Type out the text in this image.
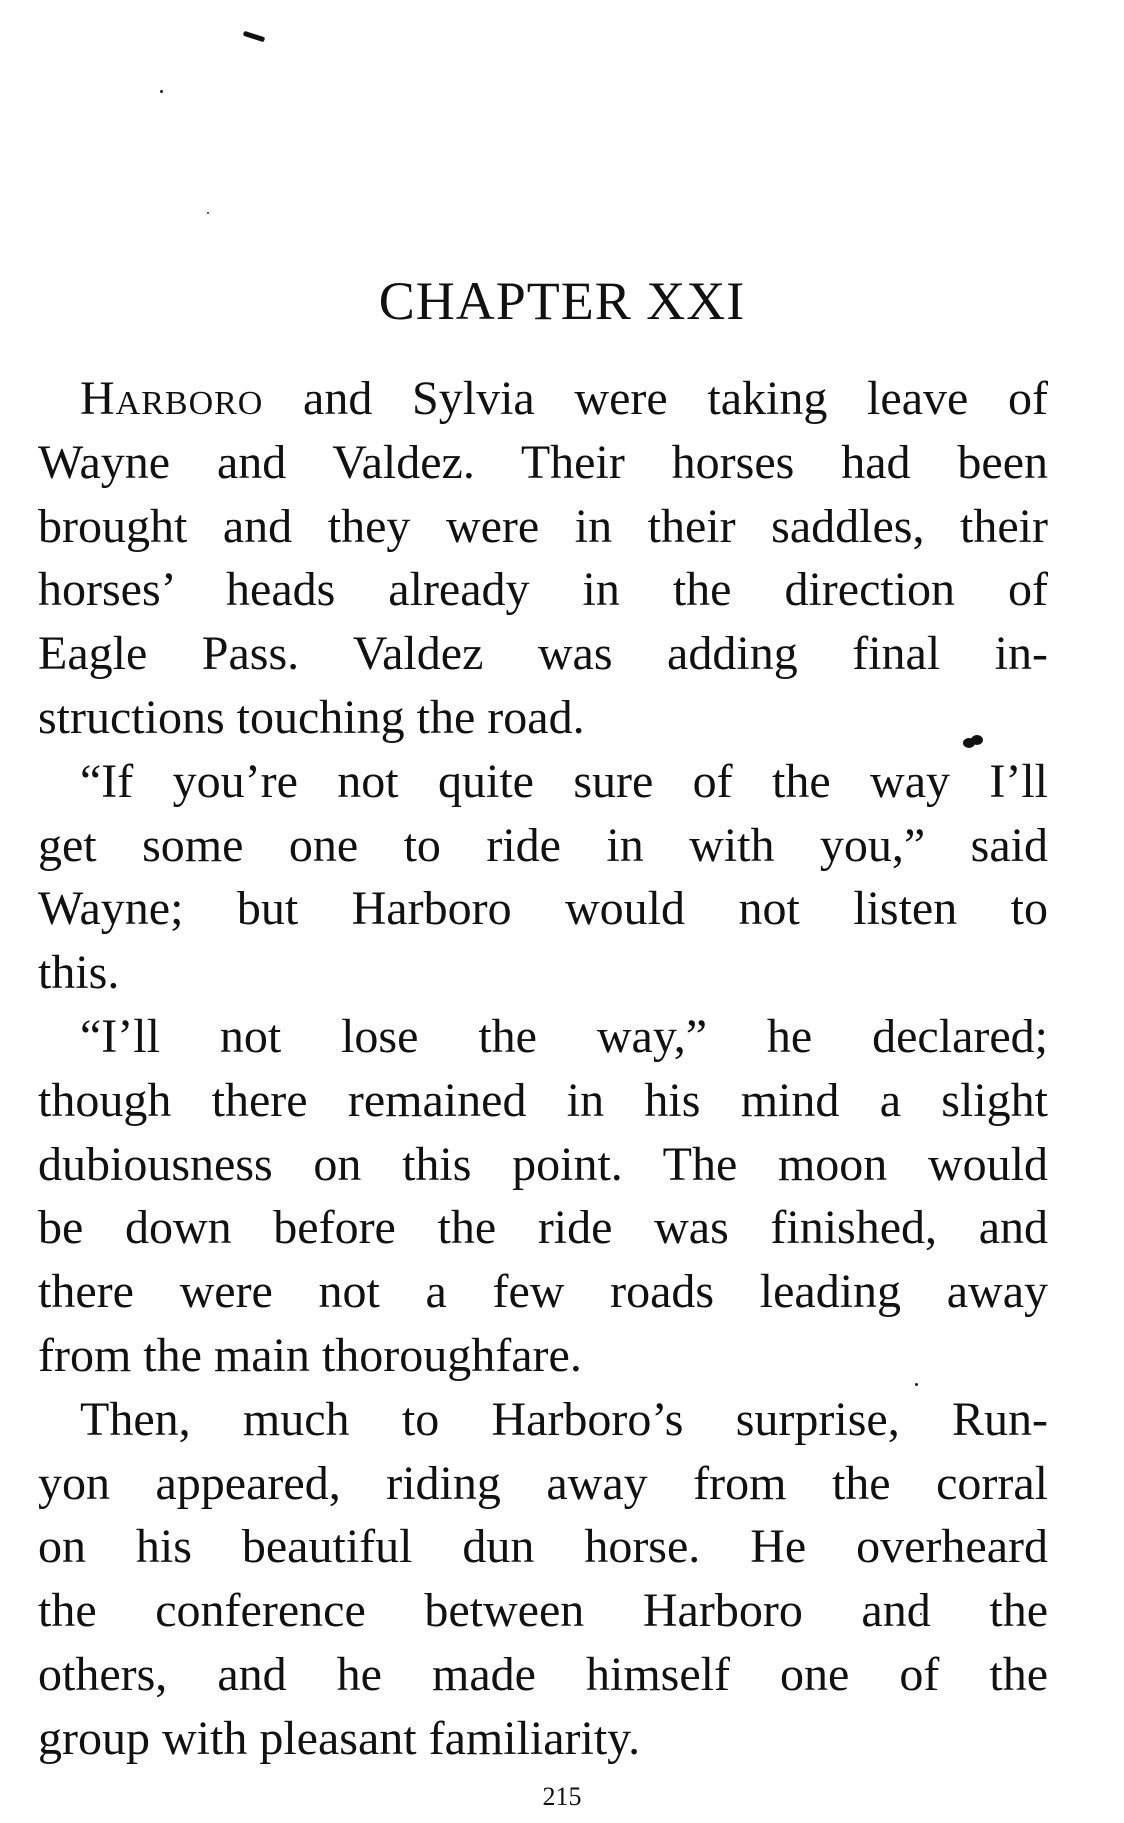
CHAPTER XXI
Harboro and Sylvia were taking leave of
Wayne and Valdez. Their horses had been
brought and they were in their saddles, their
horses’ heads already in the direction of
Eagle Pass. Valdez was adding final in-
structions touching the road.
“If you’re not quite sure of the way I’ll
get some one to ride in with you,” said
Wayne; but Harboro would not listen to
this.
“I’ll not lose the way,” he declared;
though there remained in his mind a slight
dubiousness on this point. The moon would
be down before the ride was finished, and
there were not a few roads leading away
from the main thoroughfare.
Then, much to Harboro’s surprise, Run-
yon appeared, riding away from the corral
on his beautiful dun horse. He overheard
the conference between Harboro and the
others, and he made himself one of the
group with pleasant familiarity.
215
